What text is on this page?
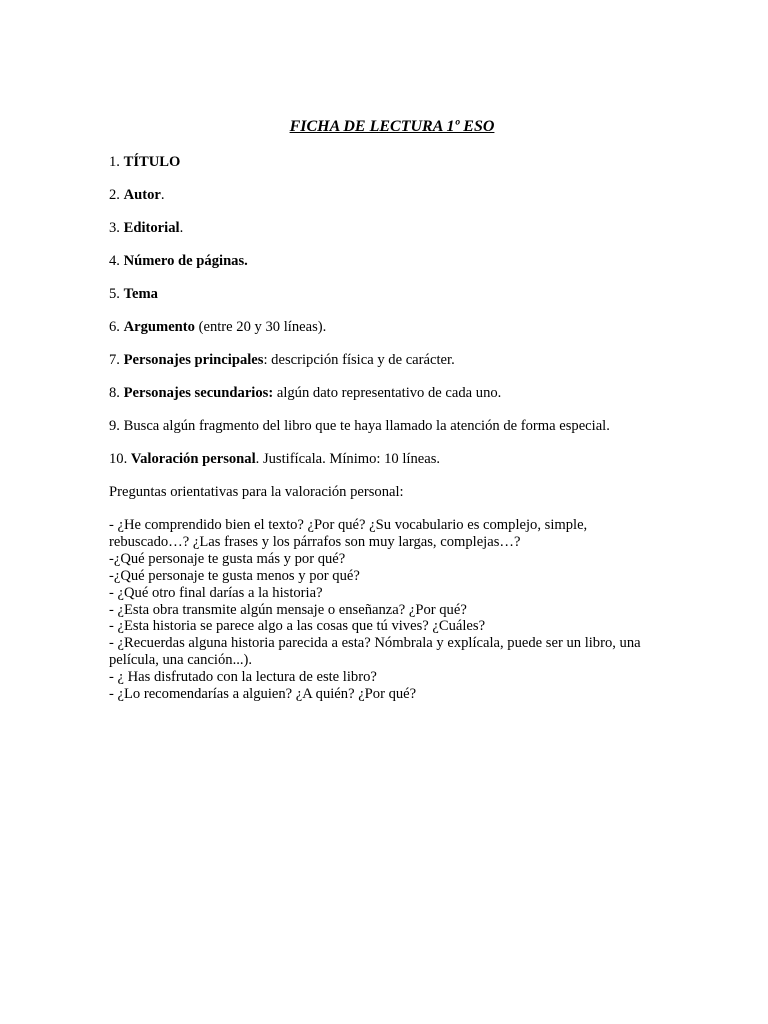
FICHA DE LECTURA 1º ESO

1. TÍTULO

2. Autor.

3. Editorial.

4. Número de páginas.

5. Tema

6. Argumento (entre 20 y 30 líneas).

7. Personajes principales: descripción física y de carácter.

8. Personajes secundarios: algún dato representativo de cada uno.

9. Busca algún fragmento del libro que te haya llamado la atención de forma especial.

10. Valoración personal. Justifícala. Mínimo: 10 líneas.

Preguntas orientativas para la valoración personal:

- ¿He comprendido bien el texto? ¿Por qué? ¿Su vocabulario es complejo, simple, rebuscado…? ¿Las frases y los párrafos son muy largas, complejas…?
-¿Qué personaje te gusta más y por qué?
-¿Qué personaje te gusta menos y por qué?
- ¿Qué otro final darías a la historia?
- ¿Esta obra transmite algún mensaje o enseñanza? ¿Por qué?
- ¿Esta historia se parece algo a las cosas que tú vives? ¿Cuáles?
- ¿Recuerdas alguna historia parecida a esta? Nómbrala y explícala, puede ser un libro, una película, una canción...).
- ¿ Has disfrutado con la lectura de este libro?
- ¿Lo recomendarías a alguien? ¿A quién? ¿Por qué?
